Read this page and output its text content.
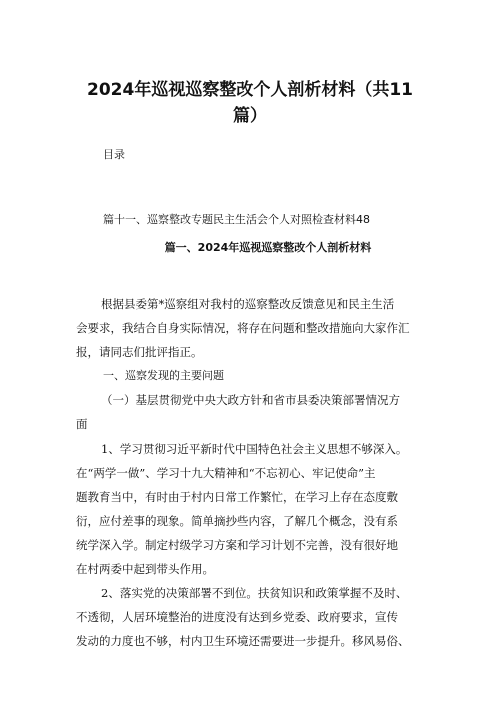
2024年巡视巡察整改个人剖析材料（共11
篇）
目录
篇十一、巡察整改专题民主生活会个人对照检查材料48
篇一、2024年巡视巡察整改个人剖析材料
根据县委第*巡察组对我村的巡察整改反馈意见和民主生活
会要求，我结合自身实际情况，将存在问题和整改措施向大家作汇
报，请同志们批评指正。
一、巡察发现的主要问题
（一）基层贯彻党中央大政方针和省市县委决策部署情况方
面
1、学习贯彻习近平新时代中国特色社会主义思想不够深入。
在“两学一做”、学习十九大精神和“不忘初心、牢记使命”主
题教育当中，有时由于村内日常工作繁忙，在学习上存在态度敷
衍，应付差事的现象。简单摘抄些内容，了解几个概念，没有系
统学深入学。制定村级学习方案和学习计划不完善，没有很好地
在村两委中起到带头作用。
2、落实党的决策部署不到位。扶贫知识和政策掌握不及时、
不透彻，人居环境整治的进度没有达到乡党委、政府要求，宣传
发动的力度也不够，村内卫生环境还需要进一步提升。移风易俗、
